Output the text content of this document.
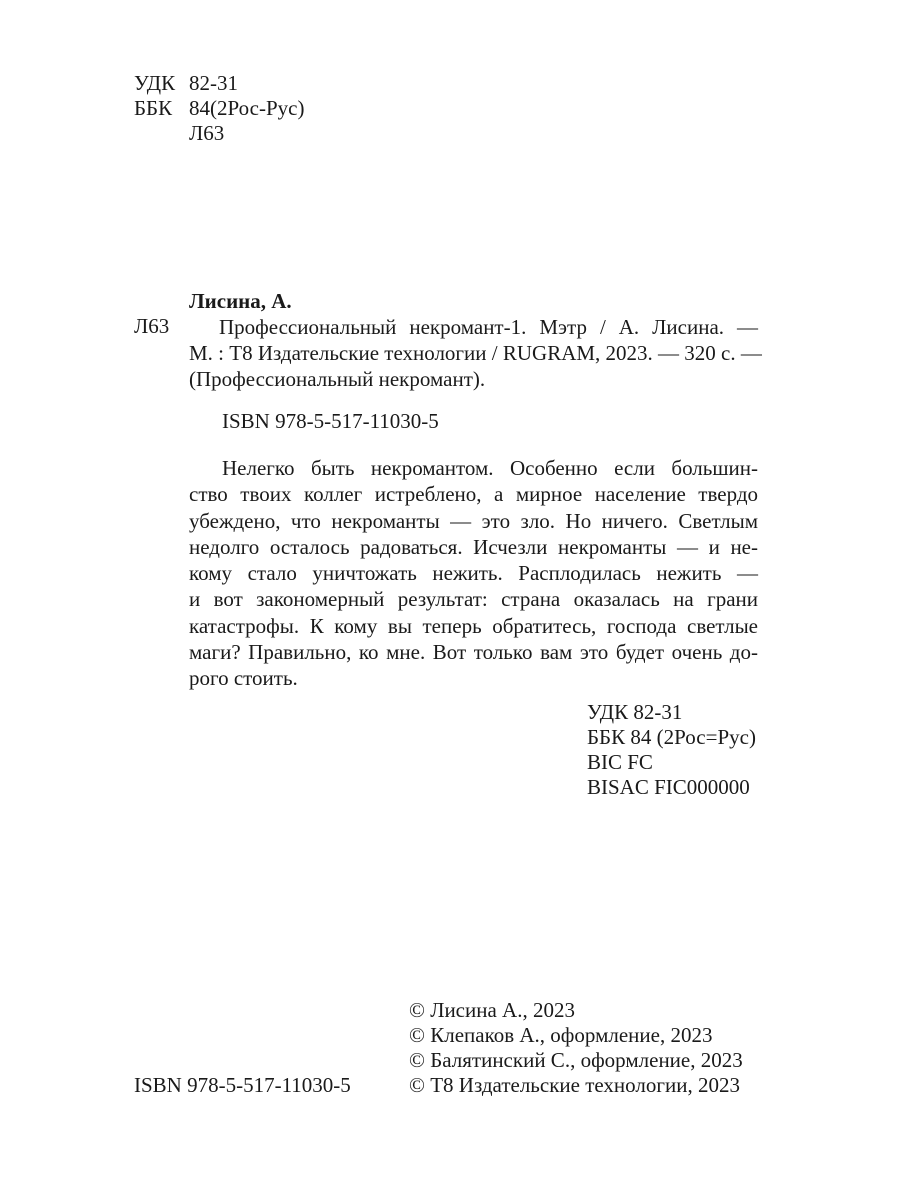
УДК 82-31
ББК 84(2Рос-Рус)
Л63
Лисина, А.
Л63 Профессиональный некромант-1. Мэтр / А. Лисина. —
М. : Т8 Издательские технологии / RUGRAM, 2023. — 320 с. —
(Профессиональный некромант).
ISBN 978-5-517-11030-5
Нелегко быть некромантом. Особенно если большин-
ство твоих коллег истреблено, а мирное население твердо
убеждено, что некроманты — это зло. Но ничего. Светлым
недолго осталось радоваться. Исчезли некроманты — и не-
кому стало уничтожать нежить. Расплодилась нежить —
и вот закономерный результат: страна оказалась на грани
катастрофы. К кому вы теперь обратитесь, господа светлые
маги? Правильно, ко мне. Вот только вам это будет очень до-
рого стоить.
УДК 82-31
ББК 84 (2Рос=Рус)
BIC FC
BISAC FIC000000
© Лисина А., 2023
© Клепаков А., оформление, 2023
© Балятинский С., оформление, 2023
© Т8 Издательские технологии, 2023
ISBN 978-5-517-11030-5
